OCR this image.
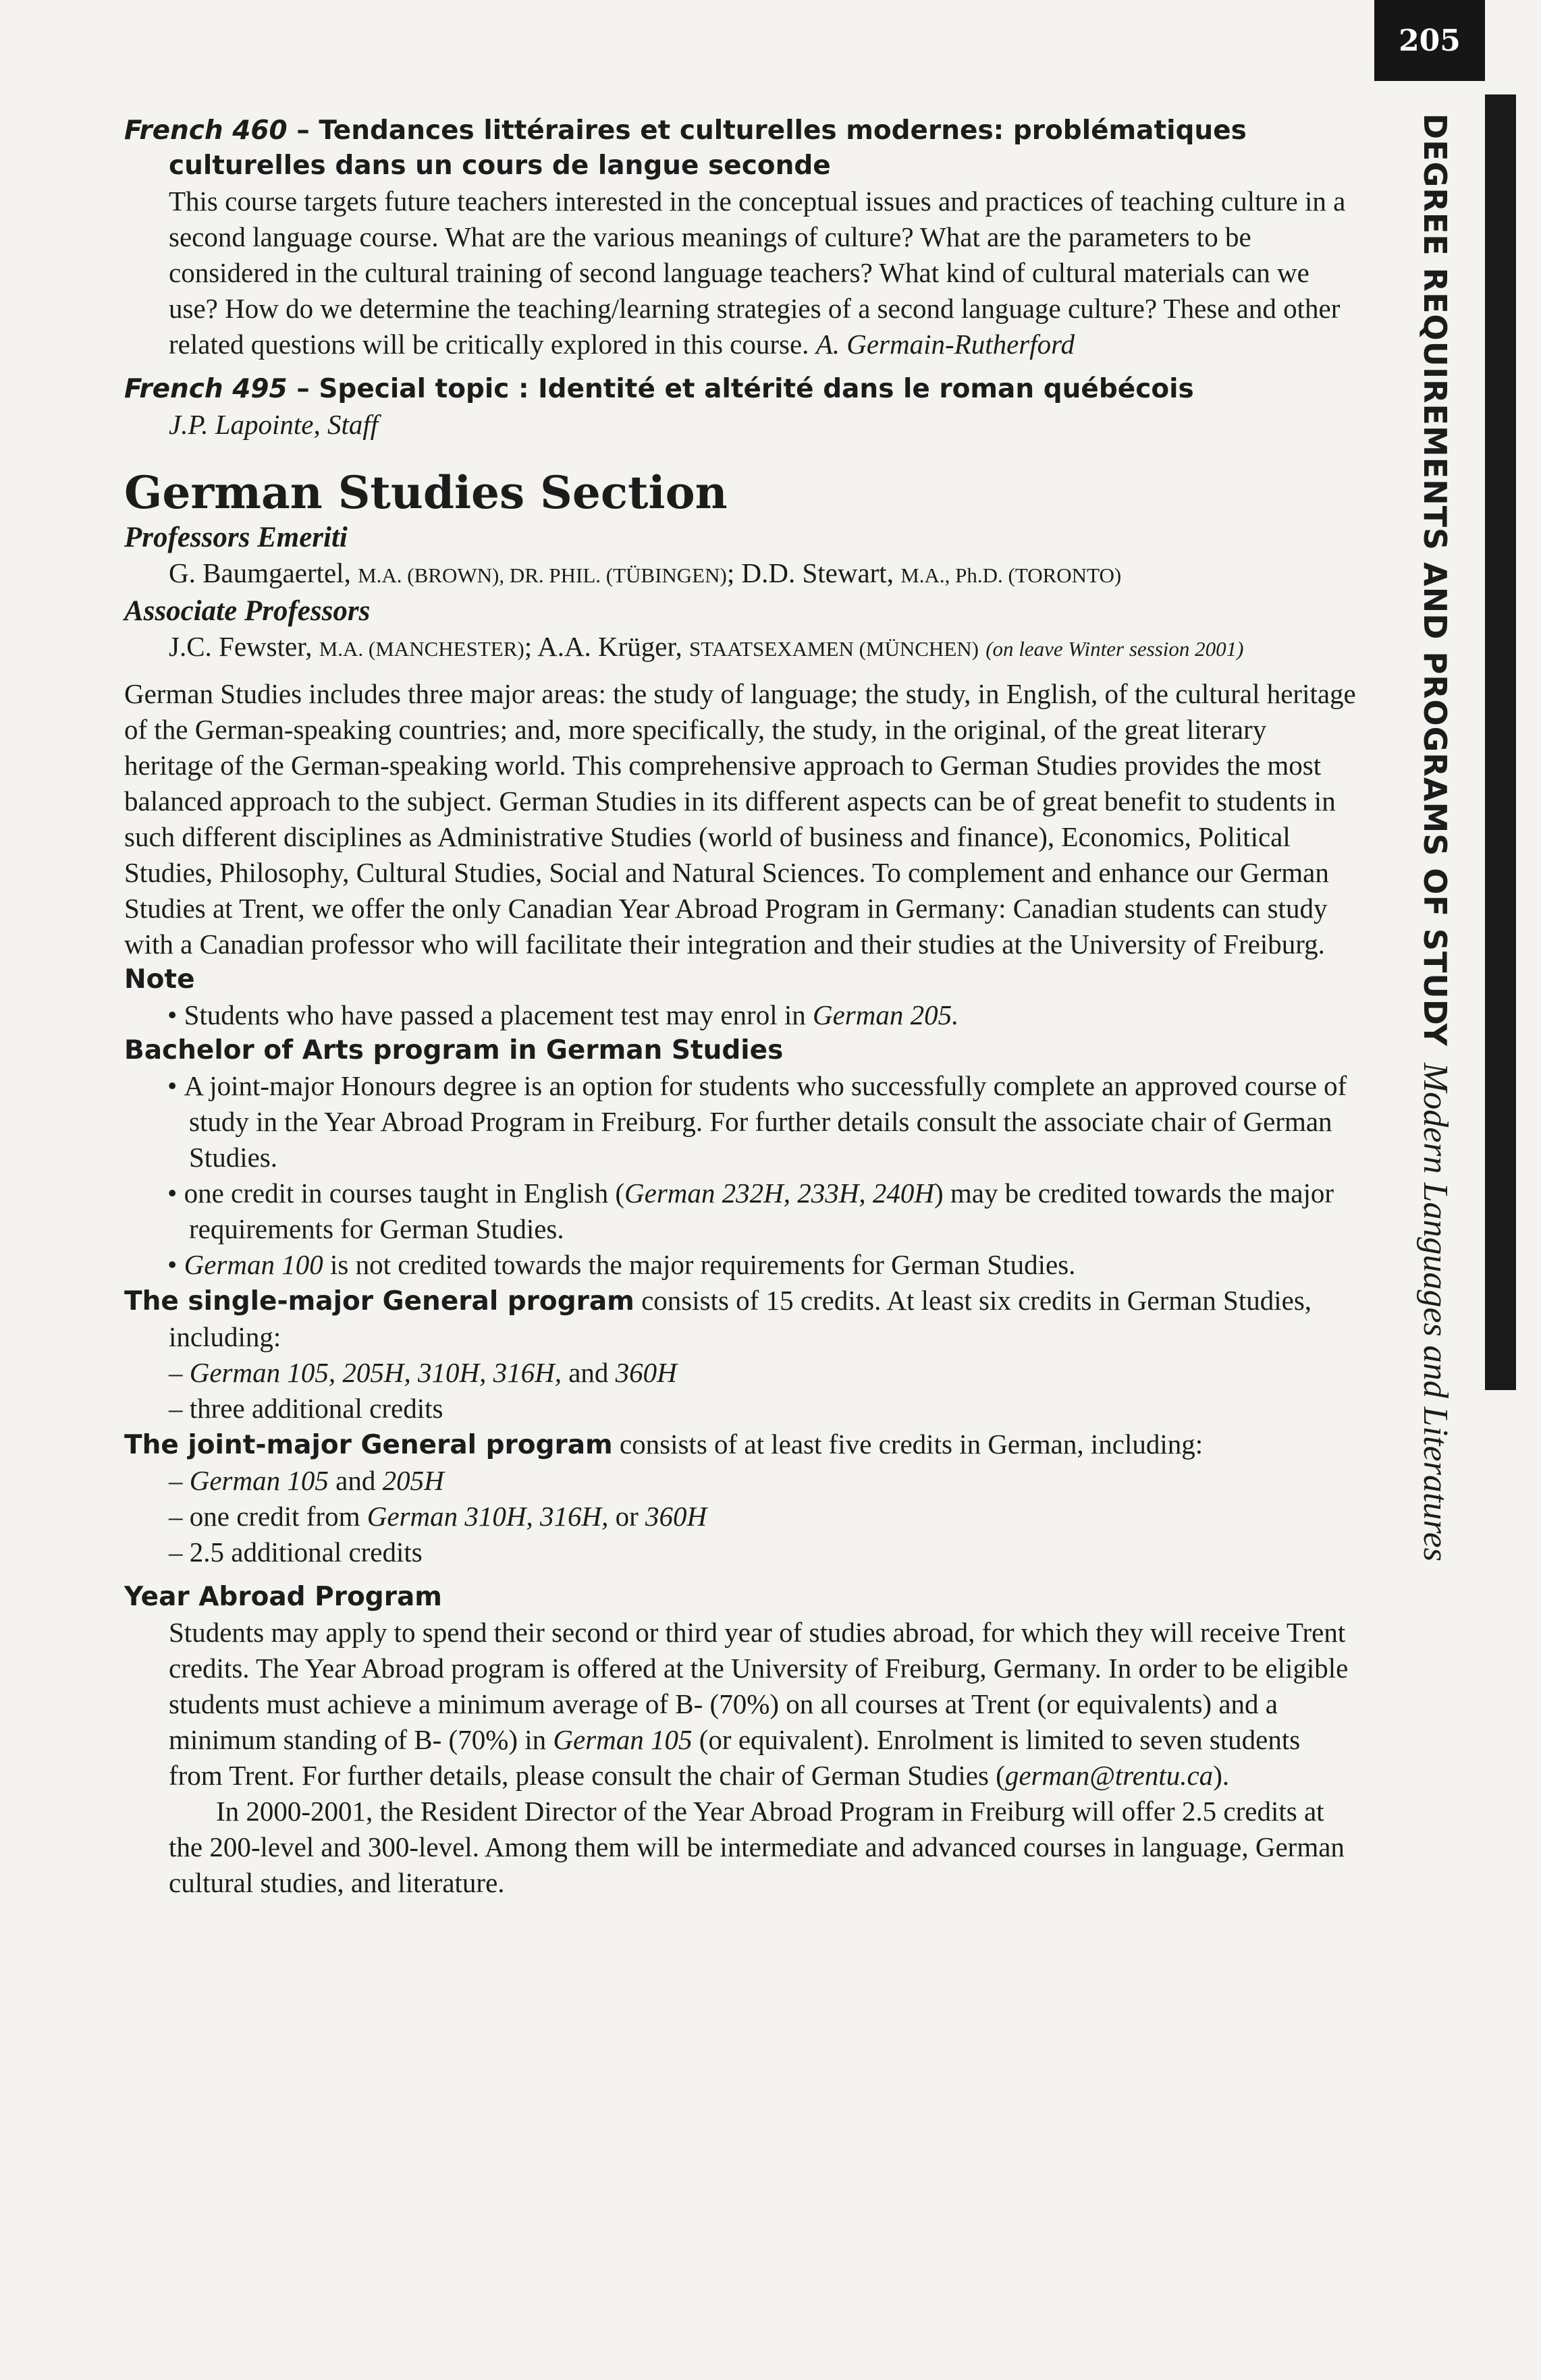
205
DEGREE REQUIREMENTS AND PROGRAMS OF STUDYModern Languages and Literatures
French 460 – Tendances littéraires et culturelles modernes: problématiques culturelles dans un cours de langue seconde
This course targets future teachers interested in the conceptual issues and practices of teaching culture in a second language course. What are the various meanings of culture? What are the parameters to be considered in the cultural training of second language teachers? What kind of cultural materials can we use? How do we determine the teaching/learning strategies of a second language culture? These and other related questions will be critically explored in this course. A. Germain-Rutherford
French 495 – Special topic : Identité et altérité dans le roman québécois
J.P. Lapointe, Staff
German Studies Section
Professors Emeriti
G. Baumgaertel, M.A. (BROWN), DR. PHIL. (TÜBINGEN); D.D. Stewart, M.A., Ph.D. (TORONTO)
Associate Professors
J.C. Fewster, M.A. (MANCHESTER); A.A. Krüger, STAATSEXAMEN (MÜNCHEN) (on leave Winter session 2001)
German Studies includes three major areas: the study of language; the study, in English, of the cultural heritage of the German-speaking countries; and, more specifically, the study, in the original, of the great literary heritage of the German-speaking world. This comprehensive approach to German Studies provides the most balanced approach to the subject. German Studies in its different aspects can be of great benefit to students in such different disciplines as Administrative Studies (world of business and finance), Economics, Political Studies, Philosophy, Cultural Studies, Social and Natural Sciences. To complement and enhance our German Studies at Trent, we offer the only Canadian Year Abroad Program in Germany: Canadian students can study with a Canadian professor who will facilitate their integration and their studies at the University of Freiburg.
Note
• Students who have passed a placement test may enrol in German 205.
Bachelor of Arts program in German Studies
• A joint-major Honours degree is an option for students who successfully complete an approved course of study in the Year Abroad Program in Freiburg. For further details consult the associate chair of German Studies.
• one credit in courses taught in English (German 232H, 233H, 240H) may be credited towards the major requirements for German Studies.
• German 100 is not credited towards the major requirements for German Studies.
The single-major General program consists of 15 credits. At least six credits in German Studies, including:
– German 105, 205H, 310H, 316H, and 360H
– three additional credits
The joint-major General program consists of at least five credits in German, including:
– German 105 and 205H
– one credit from German 310H, 316H, or 360H
– 2.5 additional credits
Year Abroad Program
Students may apply to spend their second or third year of studies abroad, for which they will receive Trent credits. The Year Abroad program is offered at the University of Freiburg, Germany. In order to be eligible students must achieve a minimum average of B- (70%) on all courses at Trent (or equivalents) and a minimum standing of B- (70%) in German 105 (or equivalent). Enrolment is limited to seven students from Trent. For further details, please consult the chair of German Studies (german@trentu.ca).
In 2000-2001, the Resident Director of the Year Abroad Program in Freiburg will offer 2.5 credits at the 200-level and 300-level. Among them will be intermediate and advanced courses in language, German cultural studies, and literature.
